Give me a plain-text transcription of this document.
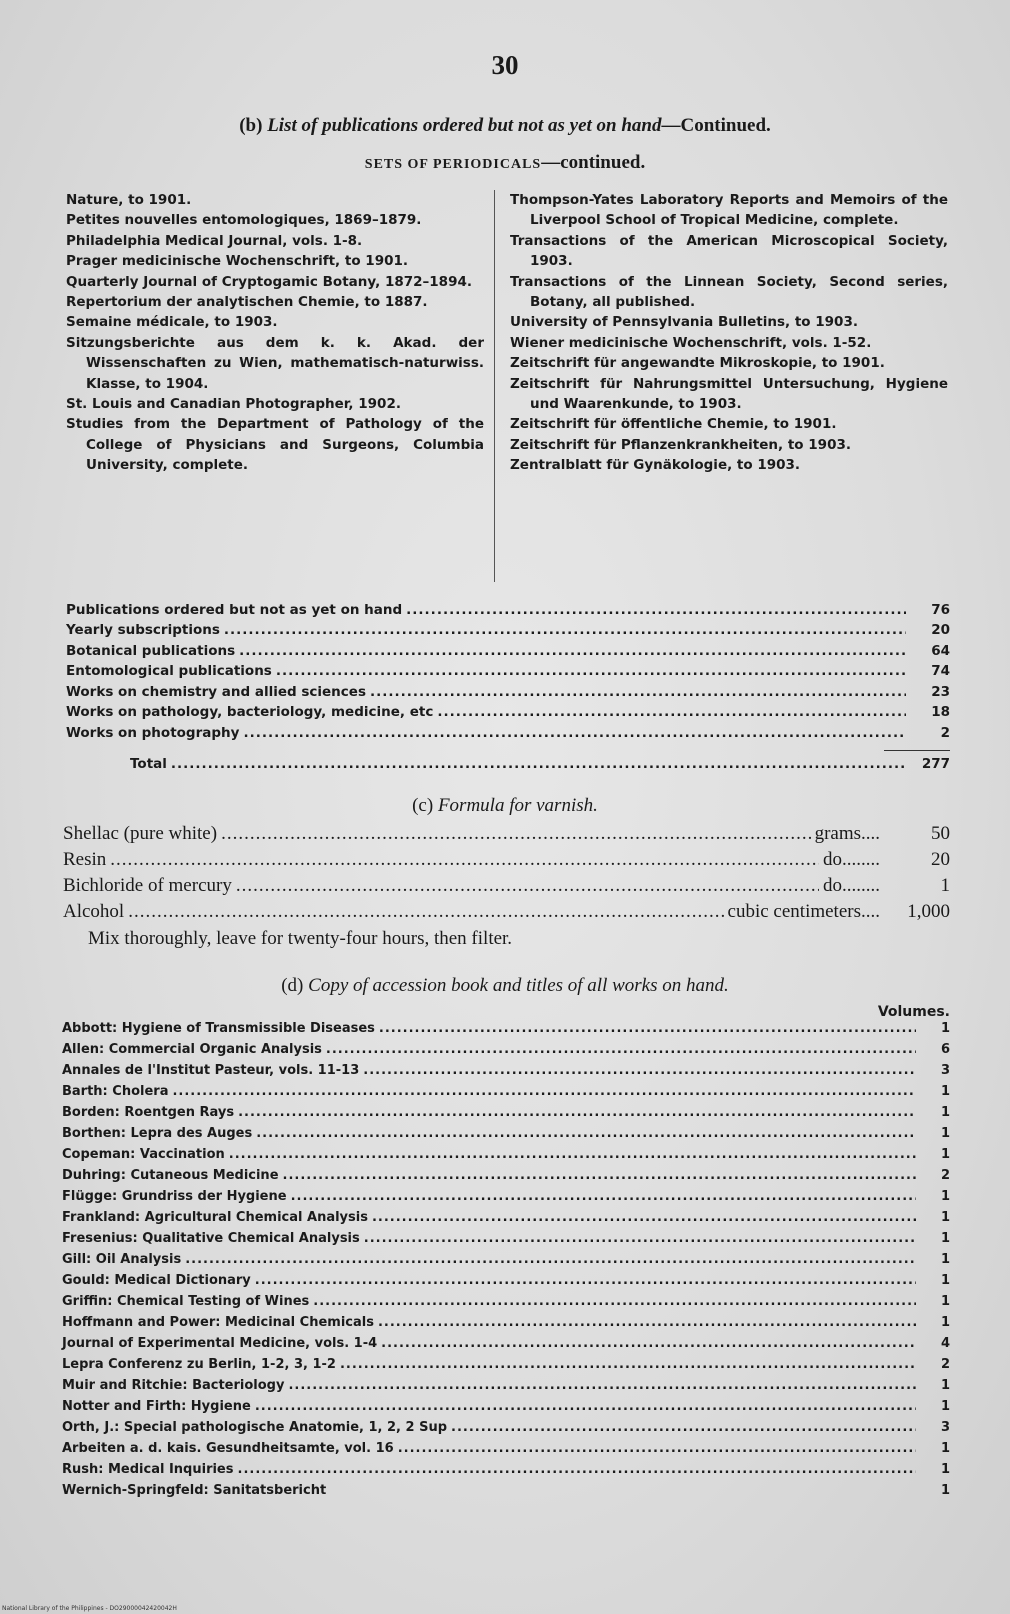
30
(b) List of publications ordered but not as yet on hand—Continued.
SETS OF PERIODICALS—continued.
Nature, to 1901.
Petites nouvelles entomologiques, 1869–1879.
Philadelphia Medical Journal, vols. 1-8.
Prager medicinische Wochenschrift, to 1901.
Quarterly Journal of Cryptogamic Botany, 1872–1894.
Repertorium der analytischen Chemie, to 1887.
Semaine médicale, to 1903.
Sitzungsberichte aus dem k. k. Akad. der Wissenschaften zu Wien, mathematisch-naturwiss. Klasse, to 1904.
St. Louis and Canadian Photographer, 1902.
Studies from the Department of Pathology of the College of Physicians and Surgeons, Columbia University, complete.
Thompson-Yates Laboratory Reports and Memoirs of the Liverpool School of Tropical Medicine, complete.
Transactions of the American Microscopical Society, 1903.
Transactions of the Linnean Society, Second series, Botany, all published.
University of Pennsylvania Bulletins, to 1903.
Wiener medicinische Wochenschrift, vols. 1-52.
Zeitschrift für angewandte Mikroskopie, to 1901.
Zeitschrift für Nahrungsmittel Untersuchung, Hygiene und Waarenkunde, to 1903.
Zeitschrift für öffentliche Chemie, to 1901.
Zeitschrift für Pflanzenkrankheiten, to 1903.
Zentralblatt für Gynäkologie, to 1903.
Publications ordered but not as yet on hand .....	76
Yearly subscriptions .....	20
Botanical publications .....	64
Entomological publications .....	74
Works on chemistry and allied sciences .....	23
Works on pathology, bacteriology, medicine, etc .....	18
Works on photography .....	2
Total .....	277
(c) Formula for varnish.
Shellac (pure white) .....	grams....	50
Resin .....	do........	20
Bichloride of mercury .....	do........	1
Alcohol .....	cubic centimeters....	1,000
Mix thoroughly, leave for twenty-four hours, then filter.
(d) Copy of accession book and titles of all works on hand.
Volumes.
Abbott: Hygiene of Transmissible Diseases .....	1
Allen: Commercial Organic Analysis .....	6
Annales de l'Institut Pasteur, vols. 11-13 .....	3
Barth: Cholera .....	1
Borden: Roentgen Rays .....	1
Borthen: Lepra des Auges .....	1
Copeman: Vaccination .....	1
Duhring: Cutaneous Medicine .....	2
Flügge: Grundriss der Hygiene .....	1
Frankland: Agricultural Chemical Analysis .....	1
Fresenius: Qualitative Chemical Analysis .....	1
Gill: Oil Analysis .....	1
Gould: Medical Dictionary .....	1
Griffin: Chemical Testing of Wines .....	1
Hoffmann and Power: Medicinal Chemicals .....	1
Journal of Experimental Medicine, vols. 1-4 .....	4
Lepra Conferenz zu Berlin, 1-2, 3, 1-2 .....	2
Muir and Ritchie: Bacteriology .....	1
Notter and Firth: Hygiene .....	1
Orth, J.: Special pathologische Anatomie, 1, 2, 2 Sup .....	3
Arbeiten a. d. kais. Gesundheitsamte, vol. 16 .....	1
Rush: Medical Inquiries .....	1
Wernich-Springfeld: Sanitatsbericht	1
National Library of the Philippines - DO29000042420042H
